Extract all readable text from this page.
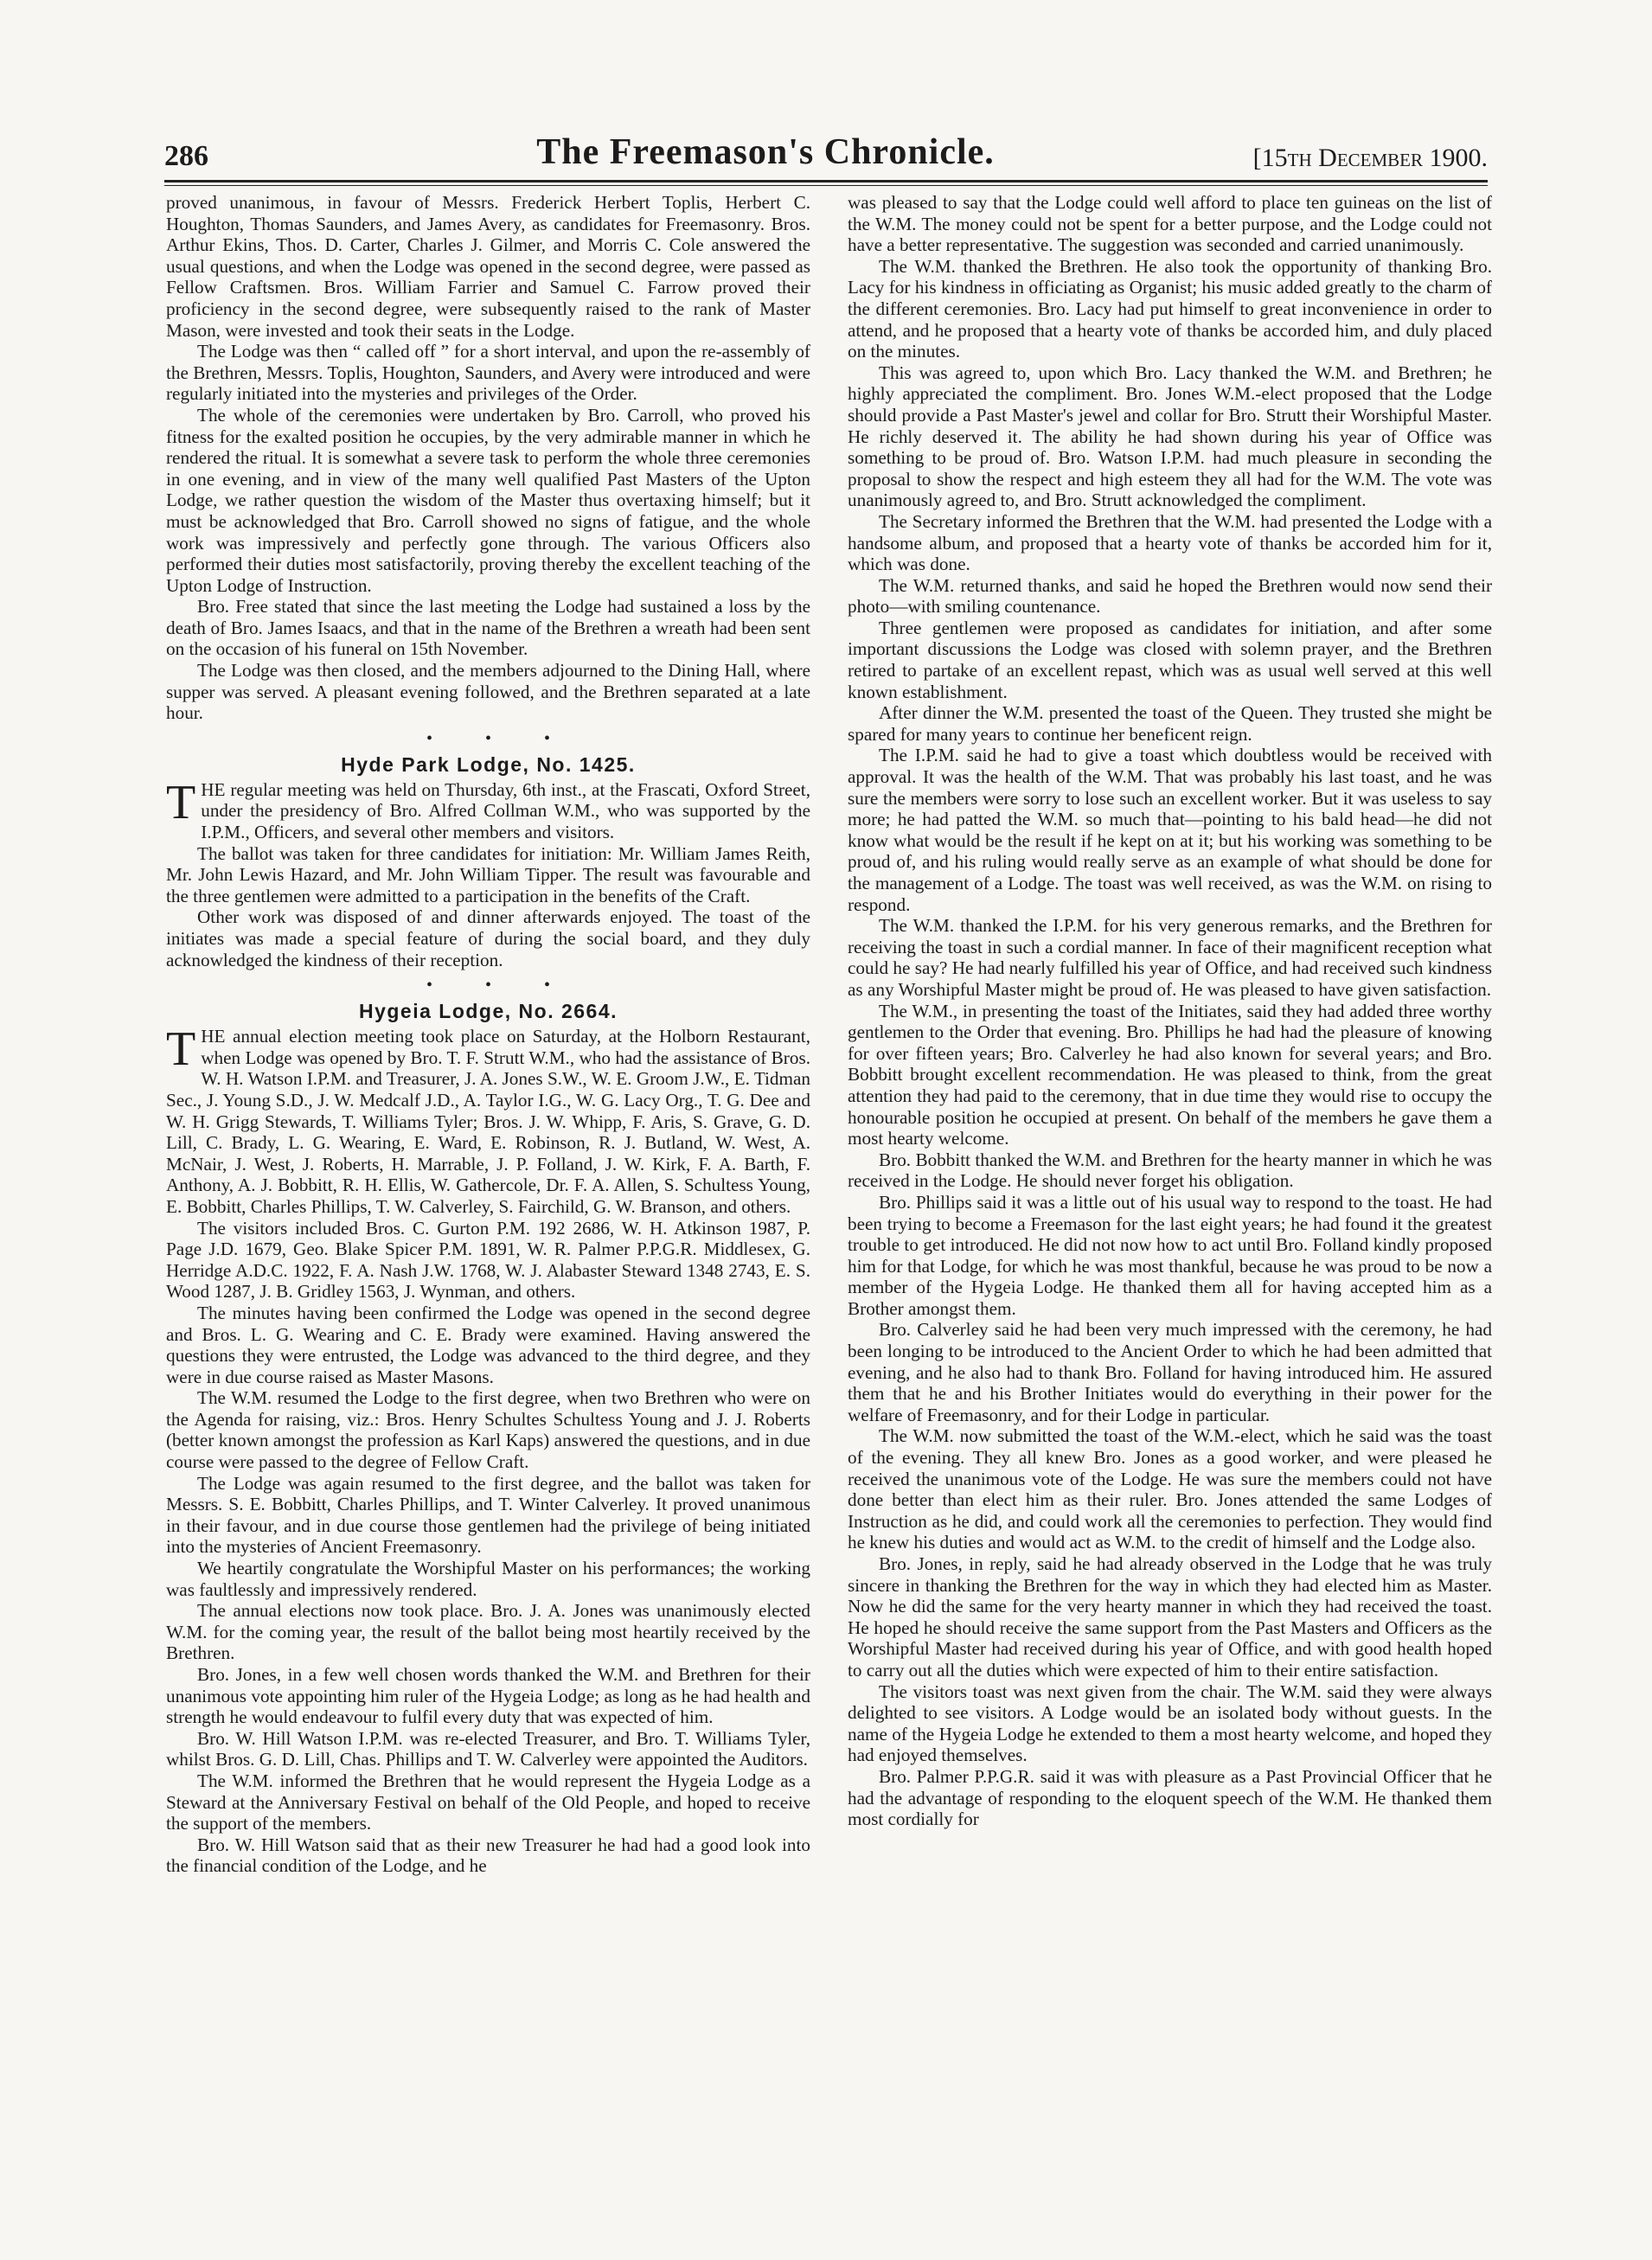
286	The Freemason's Chronicle.	[15th December 1900.

proved unanimous, in favour of Messrs. Frederick Herbert Toplis, Herbert C. Houghton, Thomas Saunders, and James Avery, as candidates for Freemasonry. Bros. Arthur Ekins, Thos. D. Carter, Charles J. Gilmer, and Morris C. Cole answered the usual questions, and when the Lodge was opened in the second degree, were passed as Fellow Craftsmen. Bros. William Farrier and Samuel C. Farrow proved their proficiency in the second degree, were subsequently raised to the rank of Master Mason, were invested and took their seats in the Lodge.

The Lodge was then “ called off ” for a short interval, and upon the re-assembly of the Brethren, Messrs. Toplis, Houghton, Saunders, and Avery were introduced and were regularly initiated into the mysteries and privileges of the Order.

The whole of the ceremonies were undertaken by Bro. Carroll, who proved his fitness for the exalted position he occupies, by the very admirable manner in which he rendered the ritual. It is somewhat a severe task to perform the whole three ceremonies in one evening, and in view of the many well qualified Past Masters of the Upton Lodge, we rather question the wisdom of the Master thus overtaxing himself; but it must be acknowledged that Bro. Carroll showed no signs of fatigue, and the whole work was impressively and perfectly gone through. The various Officers also performed their duties most satisfactorily, proving thereby the excellent teaching of the Upton Lodge of Instruction.

Bro. Free stated that since the last meeting the Lodge had sustained a loss by the death of Bro. James Isaacs, and that in the name of the Brethren a wreath had been sent on the occasion of his funeral on 15th November.

The Lodge was then closed, and the members adjourned to the Dining Hall, where supper was served. A pleasant evening followed, and the Brethren separated at a late hour.

• • •
Hyde Park Lodge, No. 1425.

THE regular meeting was held on Thursday, 6th inst., at the Frascati, Oxford Street, under the presidency of Bro. Alfred Collman W.M., who was supported by the I.P.M., Officers, and several other members and visitors.

The ballot was taken for three candidates for initiation: Mr. William James Reith, Mr. John Lewis Hazard, and Mr. John William Tipper. The result was favourable and the three gentlemen were admitted to a participation in the benefits of the Craft.

Other work was disposed of and dinner afterwards enjoyed. The toast of the initiates was made a special feature of during the social board, and they duly acknowledged the kindness of their reception.

• • •
Hygeia Lodge, No. 2664.

THE annual election meeting took place on Saturday, at the Holborn Restaurant, when Lodge was opened by Bro. T. F. Strutt W.M., who had the assistance of Bros. W. H. Watson I.P.M. and Treasurer, J. A. Jones S.W., W. E. Groom J.W., E. Tidman Sec., J. Young S.D., J. W. Medcalf J.D., A. Taylor I.G., W. G. Lacy Org., T. G. Dee and W. H. Grigg Stewards, T. Williams Tyler; Bros. J. W. Whipp, F. Aris, S. Grave, G. D. Lill, C. Brady, L. G. Wearing, E. Ward, E. Robinson, R. J. Butland, W. West, A. McNair, J. West, J. Roberts, H. Marrable, J. P. Folland, J. W. Kirk, F. A. Barth, F. Anthony, A. J. Bobbitt, R. H. Ellis, W. Gathercole, Dr. F. A. Allen, S. Schultess Young, E. Bobbitt, Charles Phillips, T. W. Calverley, S. Fairchild, G. W. Branson, and others.

The visitors included Bros. C. Gurton P.M. 192 2686, W. H. Atkinson 1987, P. Page J.D. 1679, Geo. Blake Spicer P.M. 1891, W. R. Palmer P.P.G.R. Middlesex, G. Herridge A.D.C. 1922, F. A. Nash J.W. 1768, W. J. Alabaster Steward 1348 2743, E. S. Wood 1287, J. B. Gridley 1563, J. Wynman, and others.

The minutes having been confirmed the Lodge was opened in the second degree and Bros. L. G. Wearing and C. E. Brady were examined. Having answered the questions they were entrusted, the Lodge was advanced to the third degree, and they were in due course raised as Master Masons.

The W.M. resumed the Lodge to the first degree, when two Brethren who were on the Agenda for raising, viz.: Bros. Henry Schultes Schultess Young and J. J. Roberts (better known amongst the profession as Karl Kaps) answered the questions, and in due course were passed to the degree of Fellow Craft.

The Lodge was again resumed to the first degree, and the ballot was taken for Messrs. S. E. Bobbitt, Charles Phillips, and T. Winter Calverley. It proved unanimous in their favour, and in due course those gentlemen had the privilege of being initiated into the mysteries of Ancient Freemasonry.

We heartily congratulate the Worshipful Master on his performances; the working was faultlessly and impressively rendered.

The annual elections now took place. Bro. J. A. Jones was unanimously elected W.M. for the coming year, the result of the ballot being most heartily received by the Brethren.

Bro. Jones, in a few well chosen words thanked the W.M. and Brethren for their unanimous vote appointing him ruler of the Hygeia Lodge; as long as he had health and strength he would endeavour to fulfil every duty that was expected of him.

Bro. W. Hill Watson I.P.M. was re-elected Treasurer, and Bro. T. Williams Tyler, whilst Bros. G. D. Lill, Chas. Phillips and T. W. Calverley were appointed the Auditors.

The W.M. informed the Brethren that he would represent the Hygeia Lodge as a Steward at the Anniversary Festival on behalf of the Old People, and hoped to receive the support of the members.

Bro. W. Hill Watson said that as their new Treasurer he had had a good look into the financial condition of the Lodge, and he

was pleased to say that the Lodge could well afford to place ten guineas on the list of the W.M. The money could not be spent for a better purpose, and the Lodge could not have a better representative. The suggestion was seconded and carried unanimously.

The W.M. thanked the Brethren. He also took the opportunity of thanking Bro. Lacy for his kindness in officiating as Organist; his music added greatly to the charm of the different ceremonies. Bro. Lacy had put himself to great inconvenience in order to attend, and he proposed that a hearty vote of thanks be accorded him, and duly placed on the minutes.

This was agreed to, upon which Bro. Lacy thanked the W.M. and Brethren; he highly appreciated the compliment. Bro. Jones W.M.-elect proposed that the Lodge should provide a Past Master's jewel and collar for Bro. Strutt their Worshipful Master. He richly deserved it. The ability he had shown during his year of Office was something to be proud of. Bro. Watson I.P.M. had much pleasure in seconding the proposal to show the respect and high esteem they all had for the W.M. The vote was unanimously agreed to, and Bro. Strutt acknowledged the compliment.

The Secretary informed the Brethren that the W.M. had presented the Lodge with a handsome album, and proposed that a hearty vote of thanks be accorded him for it, which was done.

The W.M. returned thanks, and said he hoped the Brethren would now send their photo—with smiling countenance.

Three gentlemen were proposed as candidates for initiation, and after some important discussions the Lodge was closed with solemn prayer, and the Brethren retired to partake of an excellent repast, which was as usual well served at this well known establishment.

After dinner the W.M. presented the toast of the Queen. They trusted she might be spared for many years to continue her beneficent reign.

The I.P.M. said he had to give a toast which doubtless would be received with approval. It was the health of the W.M. That was probably his last toast, and he was sure the members were sorry to lose such an excellent worker. But it was useless to say more; he had patted the W.M. so much that—pointing to his bald head—he did not know what would be the result if he kept on at it; but his working was something to be proud of, and his ruling would really serve as an example of what should be done for the management of a Lodge. The toast was well received, as was the W.M. on rising to respond.

The W.M. thanked the I.P.M. for his very generous remarks, and the Brethren for receiving the toast in such a cordial manner. In face of their magnificent reception what could he say? He had nearly fulfilled his year of Office, and had received such kindness as any Worshipful Master might be proud of. He was pleased to have given satisfaction.

The W.M., in presenting the toast of the Initiates, said they had added three worthy gentlemen to the Order that evening. Bro. Phillips he had had the pleasure of knowing for over fifteen years; Bro. Calverley he had also known for several years; and Bro. Bobbitt brought excellent recommendation. He was pleased to think, from the great attention they had paid to the ceremony, that in due time they would rise to occupy the honourable position he occupied at present. On behalf of the members he gave them a most hearty welcome.

Bro. Bobbitt thanked the W.M. and Brethren for the hearty manner in which he was received in the Lodge. He should never forget his obligation.

Bro. Phillips said it was a little out of his usual way to respond to the toast. He had been trying to become a Freemason for the last eight years; he had found it the greatest trouble to get introduced. He did not now how to act until Bro. Folland kindly proposed him for that Lodge, for which he was most thankful, because he was proud to be now a member of the Hygeia Lodge. He thanked them all for having accepted him as a Brother amongst them.

Bro. Calverley said he had been very much impressed with the ceremony, he had been longing to be introduced to the Ancient Order to which he had been admitted that evening, and he also had to thank Bro. Folland for having introduced him. He assured them that he and his Brother Initiates would do everything in their power for the welfare of Freemasonry, and for their Lodge in particular.

The W.M. now submitted the toast of the W.M.-elect, which he said was the toast of the evening. They all knew Bro. Jones as a good worker, and were pleased he received the unanimous vote of the Lodge. He was sure the members could not have done better than elect him as their ruler. Bro. Jones attended the same Lodges of Instruction as he did, and could work all the ceremonies to perfection. They would find he knew his duties and would act as W.M. to the credit of himself and the Lodge also.

Bro. Jones, in reply, said he had already observed in the Lodge that he was truly sincere in thanking the Brethren for the way in which they had elected him as Master. Now he did the same for the very hearty manner in which they had received the toast. He hoped he should receive the same support from the Past Masters and Officers as the Worshipful Master had received during his year of Office, and with good health hoped to carry out all the duties which were expected of him to their entire satisfaction.

The visitors toast was next given from the chair. The W.M. said they were always delighted to see visitors. A Lodge would be an isolated body without guests. In the name of the Hygeia Lodge he extended to them a most hearty welcome, and hoped they had enjoyed themselves.

Bro. Palmer P.P.G.R. said it was with pleasure as a Past Provincial Officer that he had the advantage of responding to the eloquent speech of the W.M. He thanked them most cordially for
